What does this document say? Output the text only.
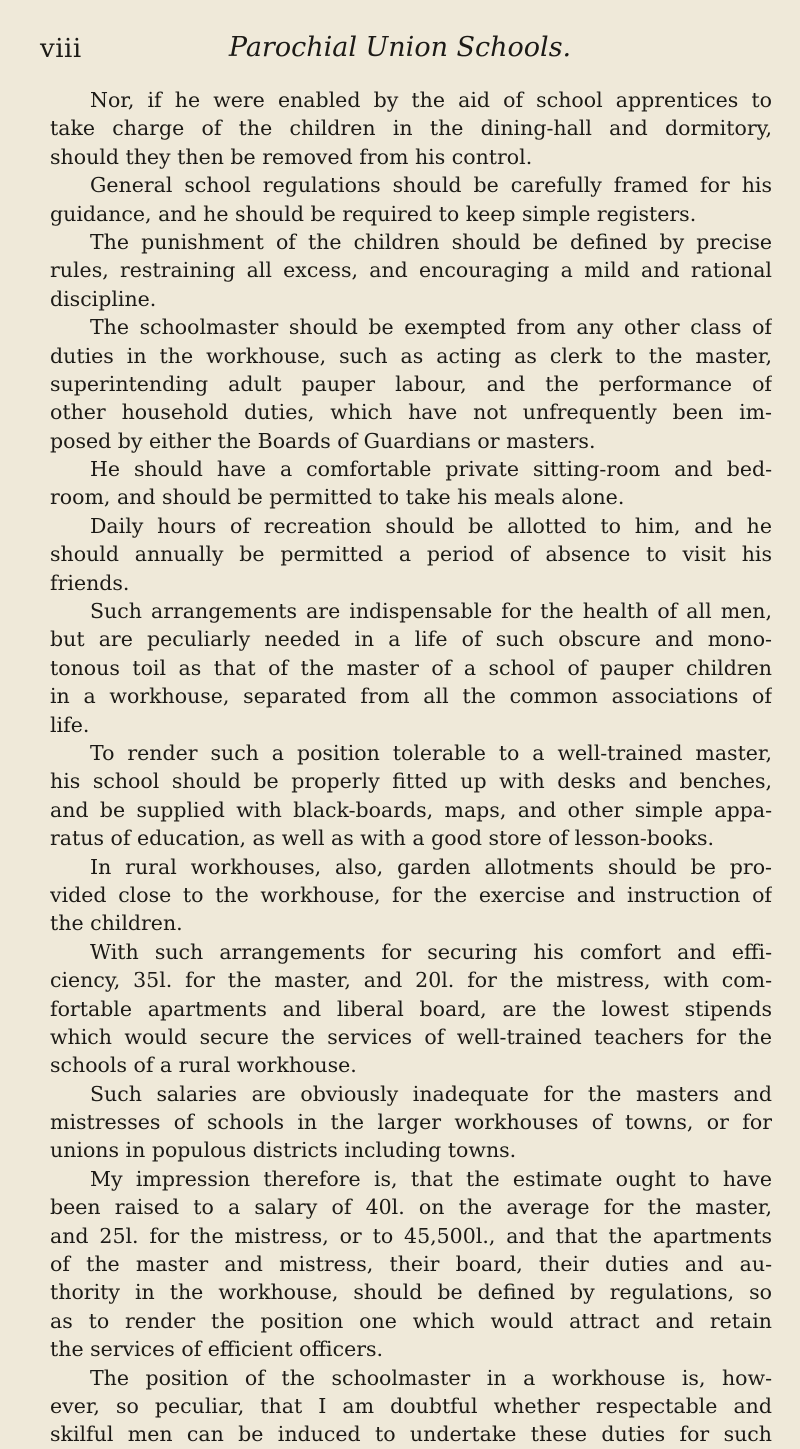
viii	Parochial Union Schools.
Nor, if he were enabled by the aid of school apprentices to
take charge of the children in the dining-hall and dormitory,
should they then be removed from his control.
General school regulations should be carefully framed for his
guidance, and he should be required to keep simple registers.
The punishment of the children should be defined by precise
rules, restraining all excess, and encouraging a mild and rational
discipline.
The schoolmaster should be exempted from any other class of
duties in the workhouse, such as acting as clerk to the master,
superintending adult pauper labour, and the performance of
other household duties, which have not unfrequently been im-
posed by either the Boards of Guardians or masters.
He should have a comfortable private sitting-room and bed-
room, and should be permitted to take his meals alone.
Daily hours of recreation should be allotted to him, and he
should annually be permitted a period of absence to visit his
friends.
Such arrangements are indispensable for the health of all men,
but are peculiarly needed in a life of such obscure and mono-
tonous toil as that of the master of a school of pauper children
in a workhouse, separated from all the common associations of
life.
To render such a position tolerable to a well-trained master,
his school should be properly fitted up with desks and benches,
and be supplied with black-boards, maps, and other simple appa-
ratus of education, as well as with a good store of lesson-books.
In rural workhouses, also, garden allotments should be pro-
vided close to the workhouse, for the exercise and instruction of
the children.
With such arrangements for securing his comfort and effi-
ciency, 35l. for the master, and 20l. for the mistress, with com-
fortable apartments and liberal board, are the lowest stipends
which would secure the services of well-trained teachers for the
schools of a rural workhouse.
Such salaries are obviously inadequate for the masters and
mistresses of schools in the larger workhouses of towns, or for
unions in populous districts including towns.
My impression therefore is, that the estimate ought to have
been raised to a salary of 40l. on the average for the master,
and 25l. for the mistress, or to 45,500l., and that the apartments
of the master and mistress, their board, their duties and au-
thority in the workhouse, should be defined by regulations, so
as to render the position one which would attract and retain
the services of efficient officers.
The position of the schoolmaster in a workhouse is, how-
ever, so peculiar, that I am doubtful whether respectable and
skilful men can be induced to undertake these duties for such
